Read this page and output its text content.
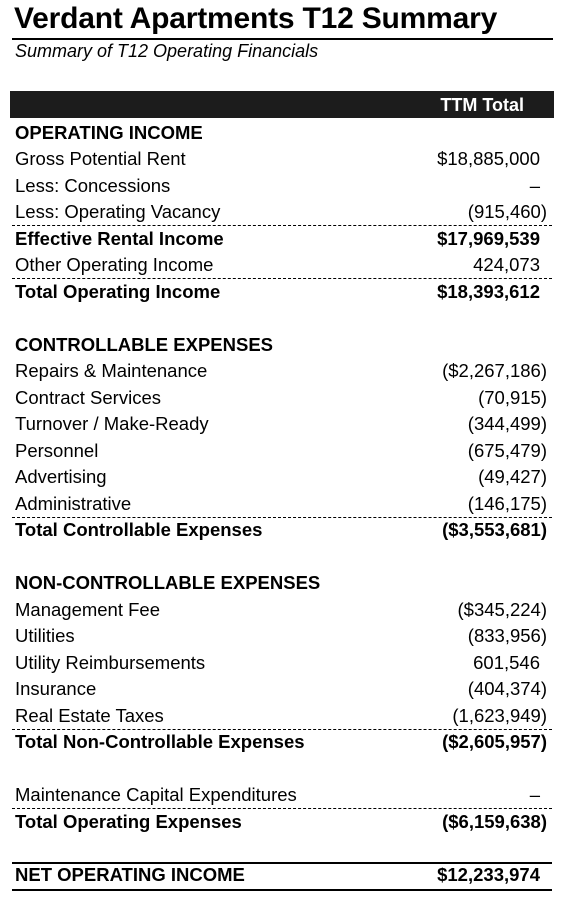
Verdant Apartments T12 Summary
Summary of T12 Operating Financials
TTM Total
OPERATING INCOME
Gross Potential Rent	$18,885,000
Less: Concessions	–
Less: Operating Vacancy	(915,460)
Effective Rental Income	$17,969,539
Other Operating Income	424,073
Total Operating Income	$18,393,612
CONTROLLABLE EXPENSES
Repairs & Maintenance	($2,267,186)
Contract Services	(70,915)
Turnover / Make-Ready	(344,499)
Personnel	(675,479)
Advertising	(49,427)
Administrative	(146,175)
Total Controllable Expenses	($3,553,681)
NON-CONTROLLABLE EXPENSES
Management Fee	($345,224)
Utilities	(833,956)
Utility Reimbursements	601,546
Insurance	(404,374)
Real Estate Taxes	(1,623,949)
Total Non-Controllable Expenses	($2,605,957)
Maintenance Capital Expenditures	–
Total Operating Expenses	($6,159,638)
NET OPERATING INCOME	$12,233,974
